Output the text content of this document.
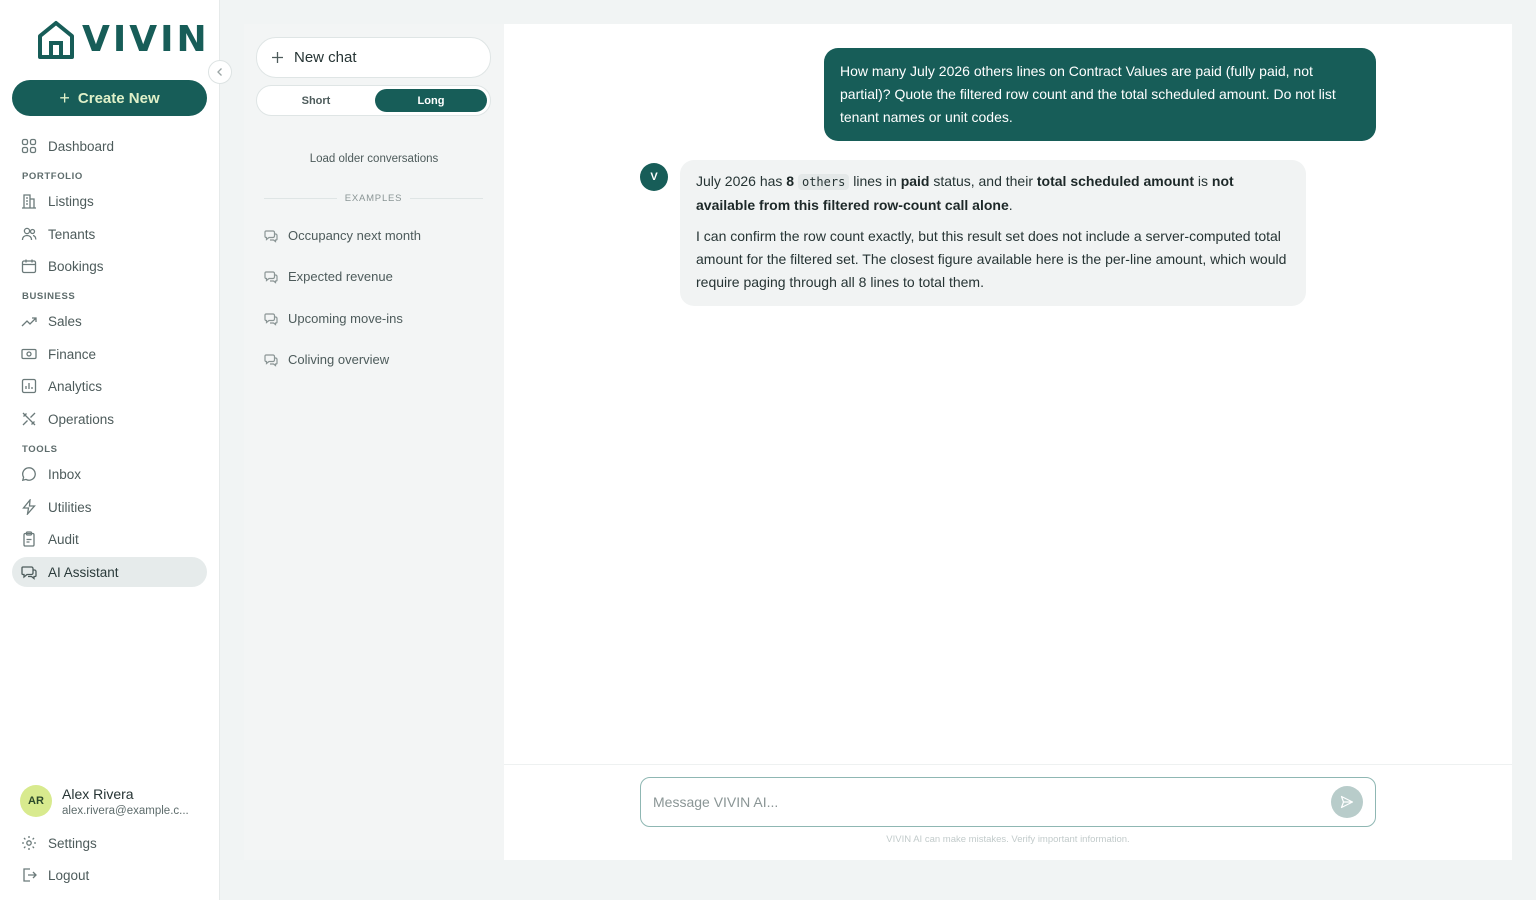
VIVIN
+ Create New
Dashboard
PORTFOLIO
Listings
Tenants
Bookings
BUSINESS
Sales
Finance
Analytics
Operations
TOOLS
Inbox
Utilities
Audit
AI Assistant
AR	Alex Rivera
alex.rivera@example.c...
Settings
Logout
New chat
Short	Long
Load older conversations
EXAMPLES
Occupancy next month
Expected revenue
Upcoming move-ins
Coliving overview
How many July 2026 others lines on Contract Values are paid (fully paid, not partial)? Quote the filtered row count and the total scheduled amount. Do not list tenant names or unit codes.
V	July 2026 has 8 others lines in paid status, and their total scheduled amount is not available from this filtered row-count call alone.

I can confirm the row count exactly, but this result set does not include a server-computed total amount for the filtered set. The closest figure available here is the per-line amount, which would require paging through all 8 lines to total them.

Message VIVIN AI...
VIVIN AI can make mistakes. Verify important information.
